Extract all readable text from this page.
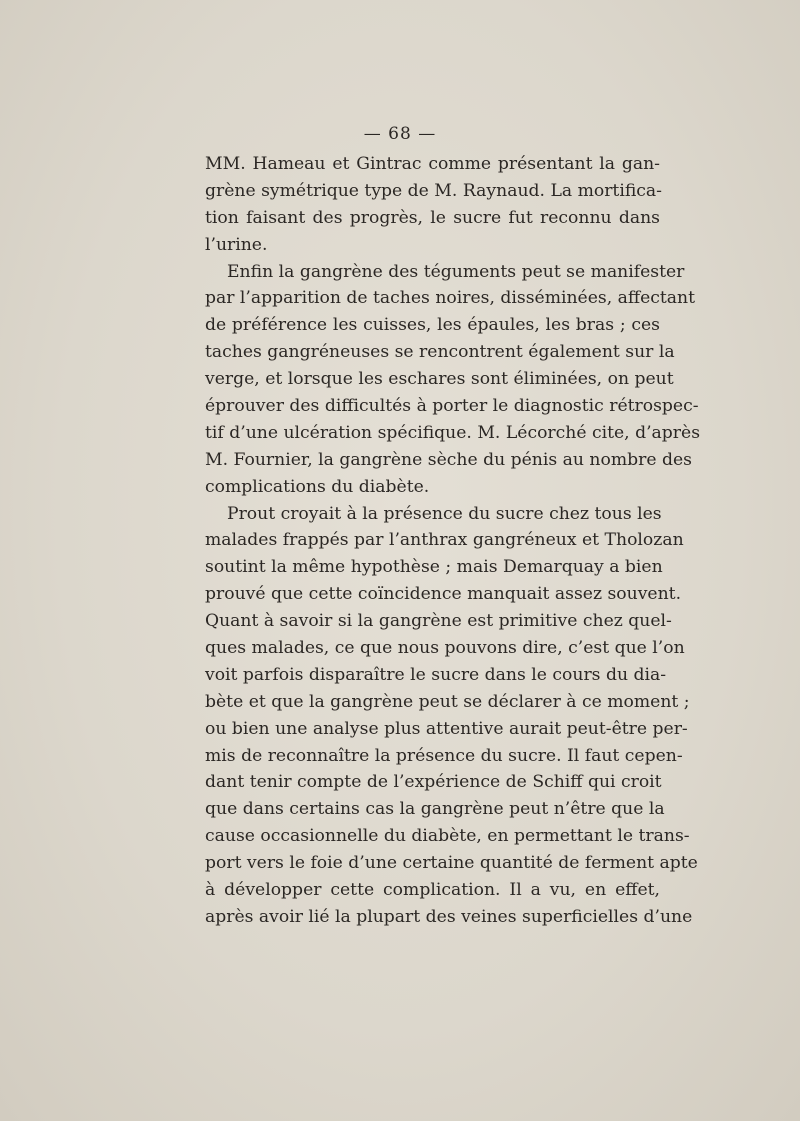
— 68 —
MM. Hameau et Gintrac comme présentant la gan-
grène symétrique type de M. Raynaud. La mortifica-
tion faisant des progrès, le sucre fut reconnu dans
l’urine.
Enfin la gangrène des téguments peut se manifester
par l’apparition de taches noires, disséminées, affectant
de préférence les cuisses, les épaules, les bras ; ces
taches gangréneuses se rencontrent également sur la
verge, et lorsque les eschares sont éliminées, on peut
éprouver des difficultés à porter le diagnostic rétrospec-
tif d’une ulcération spécifique. M. Lécorché cite, d’après
M. Fournier, la gangrène sèche du pénis au nombre des
complications du diabète.
Prout croyait à la présence du sucre chez tous les
malades frappés par l’anthrax gangréneux et Tholozan
soutint la même hypothèse ; mais Demarquay a bien
prouvé que cette coïncidence manquait assez souvent.
Quant à savoir si la gangrène est primitive chez quel-
ques malades, ce que nous pouvons dire, c’est que l’on
voit parfois disparaître le sucre dans le cours du dia-
bète et que la gangrène peut se déclarer à ce moment ;
ou bien une analyse plus attentive aurait peut-être per-
mis de reconnaître la présence du sucre. Il faut cepen-
dant tenir compte de l’expérience de Schiff qui croit
que dans certains cas la gangrène peut n’être que la
cause occasionnelle du diabète, en permettant le trans-
port vers le foie d’une certaine quantité de ferment apte
à développer cette complication. Il a vu, en effet,
après avoir lié la plupart des veines superficielles d’une
